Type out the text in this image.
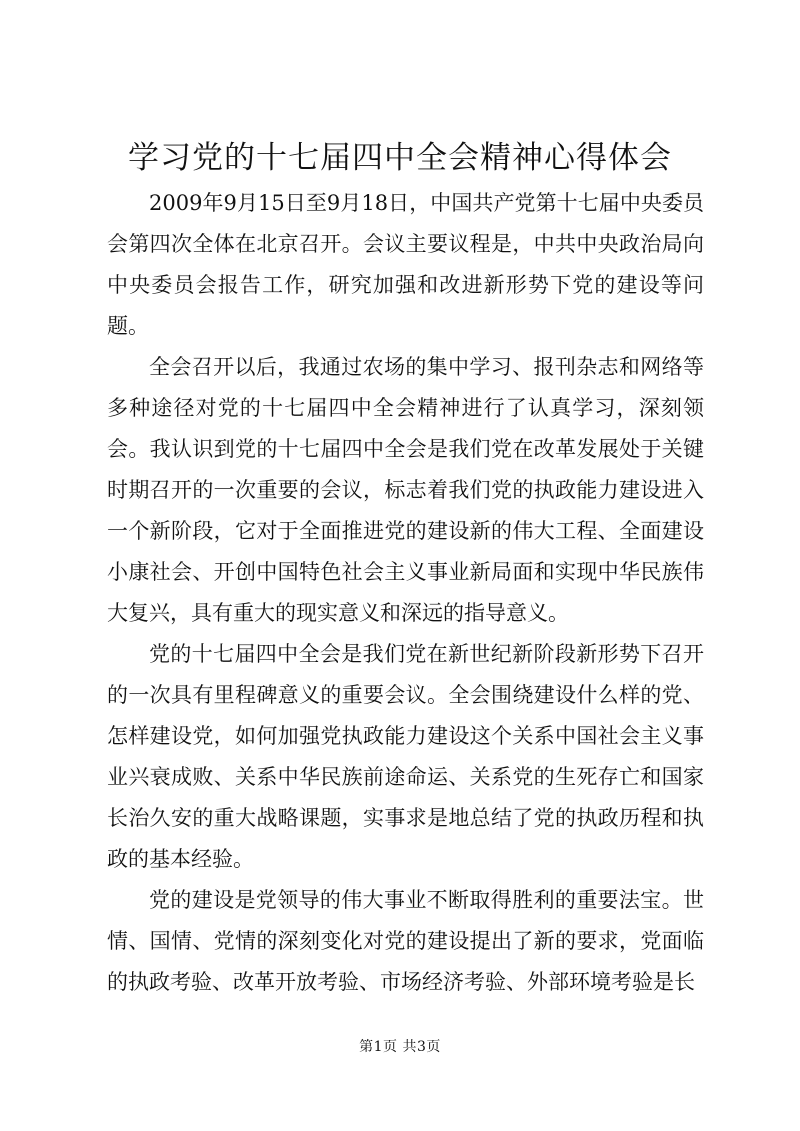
学习党的十七届四中全会精神心得体会

2009年9月15日至9月18日，中国共产党第十七届中央委员会第四次全体在北京召开。会议主要议程是，中共中央政治局向中央委员会报告工作，研究加强和改进新形势下党的建设等问题。

全会召开以后，我通过农场的集中学习、报刊杂志和网络等多种途径对党的十七届四中全会精神进行了认真学习，深刻领会。我认识到党的十七届四中全会是我们党在改革发展处于关键时期召开的一次重要的会议，标志着我们党的执政能力建设进入一个新阶段，它对于全面推进党的建设新的伟大工程、全面建设小康社会、开创中国特色社会主义事业新局面和实现中华民族伟大复兴，具有重大的现实意义和深远的指导意义。

党的十七届四中全会是我们党在新世纪新阶段新形势下召开的一次具有里程碑意义的重要会议。全会围绕建设什么样的党、怎样建设党，如何加强党执政能力建设这个关系中国社会主义事业兴衰成败、关系中华民族前途命运、关系党的生死存亡和国家长治久安的重大战略课题，实事求是地总结了党的执政历程和执政的基本经验。

党的建设是党领导的伟大事业不断取得胜利的重要法宝。世情、国情、党情的深刻变化对党的建设提出了新的要求，党面临的执政考验、改革开放考验、市场经济考验、外部环境考验是长

第1页 共3页
